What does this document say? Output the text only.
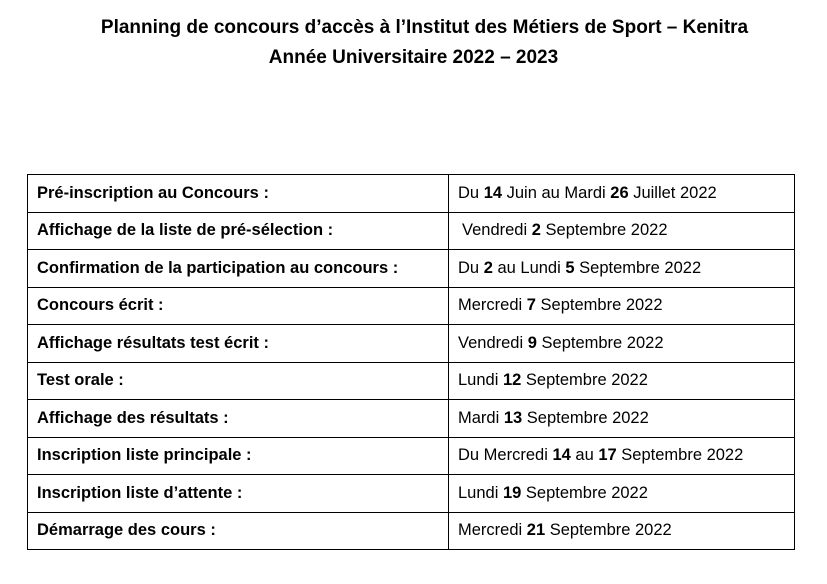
Planning de concours d’accès à l’Institut des Métiers de Sport – Kenitra
Année Universitaire 2022 – 2023
Pré-inscription au Concours :	Du 14 Juin au Mardi 26 Juillet 2022
Affichage de la liste de pré-sélection :	Vendredi 2 Septembre 2022
Confirmation de la participation au concours :	Du 2 au Lundi 5 Septembre 2022
Concours écrit :	Mercredi 7 Septembre 2022
Affichage résultats test écrit :	Vendredi 9 Septembre 2022
Test orale :	Lundi 12 Septembre 2022
Affichage des résultats :	Mardi 13 Septembre 2022
Inscription liste principale :	Du Mercredi 14 au 17 Septembre 2022
Inscription liste d’attente :	Lundi 19 Septembre 2022
Démarrage des cours :	Mercredi 21 Septembre 2022
